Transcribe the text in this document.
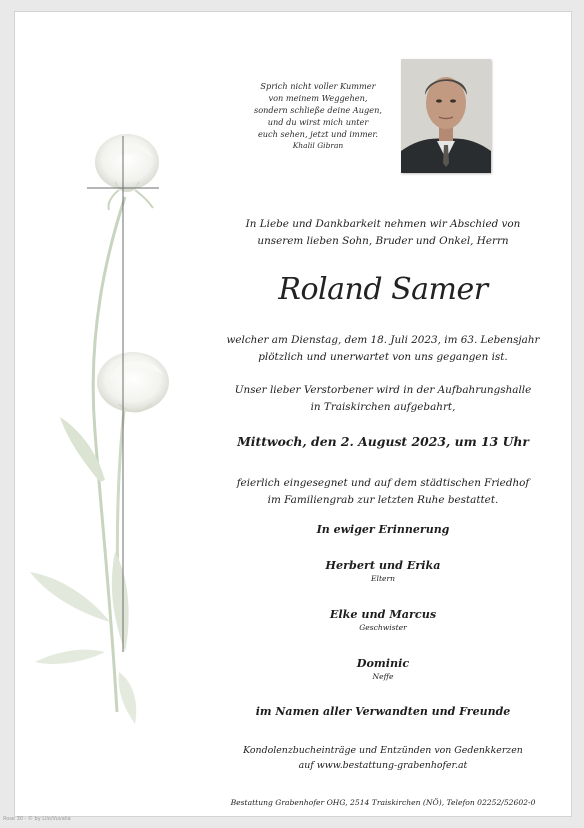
Sprich nicht voller Kummer
von meinem Weggehen,
sondern schließe deine Augen,
und du wirst mich unter
euch sehen, jetzt und immer.
Khalil Gibran
In Liebe und Dankbarkeit nehmen wir Abschied von
unserem lieben Sohn, Bruder und Onkel, Herrn
Roland Samer
welcher am Dienstag, dem 18. Juli 2023, im 63. Lebensjahr
plötzlich und unerwartet von uns gegangen ist.
Unser lieber Verstorbener wird in der Aufbahrungshalle
in Traiskirchen aufgebahrt,
Mittwoch, den 2. August 2023, um 13 Uhr
feierlich eingesegnet und auf dem städtischen Friedhof
im Familiengrab zur letzten Ruhe bestattet.
In ewiger Erinnerung
Herbert und Erika
Eltern
Elke und Marcus
Geschwister
Dominic
Neffe
im Namen aller Verwandten und Freunde
Kondolenzbucheinträge und Entzünden von Gedenkkerzen
auf www.bestattung-grabenhofer.at
Bestattung Grabenhofer OHG, 2514 Traiskirchen (NÖ), Telefon 02252/52602-0
Rose 30 - © by Lilo/Vuvalia
